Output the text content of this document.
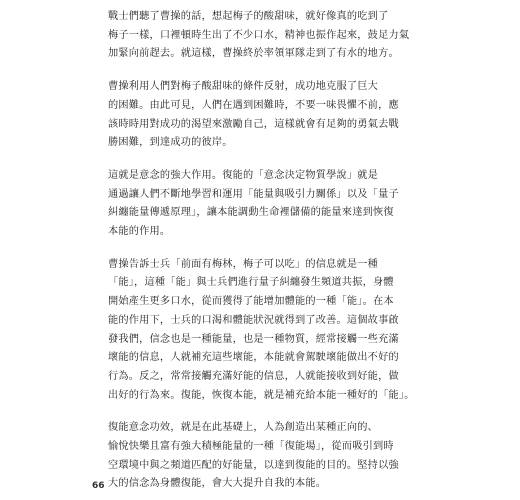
戰士們聽了曹操的話，想起梅子的酸甜味，就好像真的吃到了
梅子一樣，口裡頓時生出了不少口水，精神也振作起來，鼓足力氣
加緊向前趕去。就這樣，曹操終於率領軍隊走到了有水的地方。

曹操利用人們對梅子酸甜味的條件反射，成功地克服了巨大
的困難。由此可見，人們在遇到困難時，不要一味畏懼不前，應
該時時用對成功的渴望來激勵自己，這樣就會有足夠的勇氣去戰
勝困難，到達成功的彼岸。

這就是意念的強大作用。復能的「意念決定物質學說」就是
通過讓人們不斷地學習和運用「能量與吸引力關係」以及「量子
糾纏能量傳遞原理」，讓本能調動生命裡儲備的能量來達到恢復
本能的作用。

曹操告訴士兵「前面有梅林，梅子可以吃」的信息就是一種
「能」，這種「能」與士兵們進行量子糾纏發生頻道共振，身體
開始產生更多口水，從而獲得了能增加體能的一種「能」。在本
能的作用下，士兵的口渴和體能狀況就得到了改善。這個故事啟
發我們，信念也是一種能量，也是一種物質，經常接觸一些充滿
壞能的信息，人就補充這些壞能，本能就會駕駛壞能做出不好的
行為。反之，常常接觸充滿好能的信息，人就能接收到好能，做
出好的行為來。復能，恢復本能，就是補充給本能一種好的「能」。

復能意念功效，就是在此基礎上，人為創造出某種正向的、
愉悅快樂且富有強大積極能量的一種「復能場」，從而吸引到時
空環境中與之頻道匹配的好能量，以達到復能的目的。堅持以強
大的信念為身體復能，會大大提升自我的本能。

66
